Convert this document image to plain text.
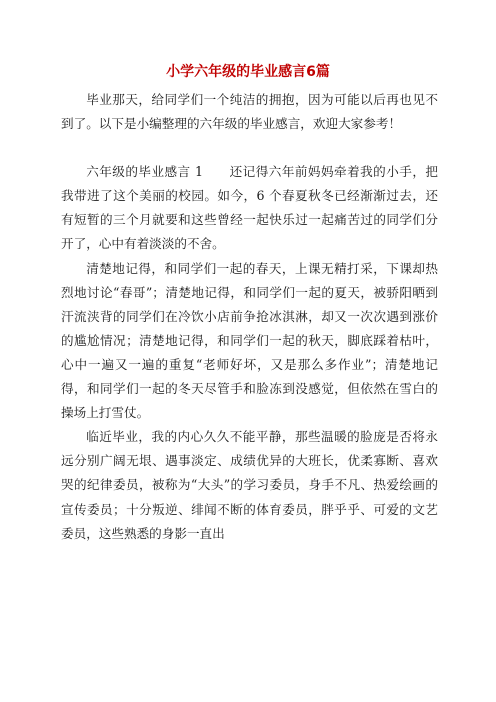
小学六年级的毕业感言6篇

毕业那天，给同学们一个纯洁的拥抱，因为可能以后再也见不到了。以下是小编整理的六年级的毕业感言，欢迎大家参考！

六年级的毕业感言 1　　还记得六年前妈妈牵着我的小手，把我带进了这个美丽的校园。如今，6 个春夏秋冬已经渐渐过去，还有短暂的三个月就要和这些曾经一起快乐过一起痛苦过的同学们分开了，心中有着淡淡的不舍。

清楚地记得，和同学们一起的春天，上课无精打采，下课却热烈地讨论“春哥”；清楚地记得，和同学们一起的夏天，被骄阳晒到汗流浃背的同学们在冷饮小店前争抢冰淇淋，却又一次次遇到涨价的尴尬情况；清楚地记得，和同学们一起的秋天，脚底踩着枯叶，心中一遍又一遍的重复“老师好坏，又是那么多作业”；清楚地记得，和同学们一起的冬天尽管手和脸冻到没感觉，但依然在雪白的操场上打雪仗。

临近毕业，我的内心久久不能平静，那些温暖的脸庞是否将永远分别广阔无垠、遇事淡定、成绩优异的大班长，优柔寡断、喜欢哭的纪律委员，被称为“大头”的学习委员，身手不凡、热爱绘画的宣传委员；十分叛逆、绯闻不断的体育委员，胖乎乎、可爱的文艺委员，这些熟悉的身影一直出
